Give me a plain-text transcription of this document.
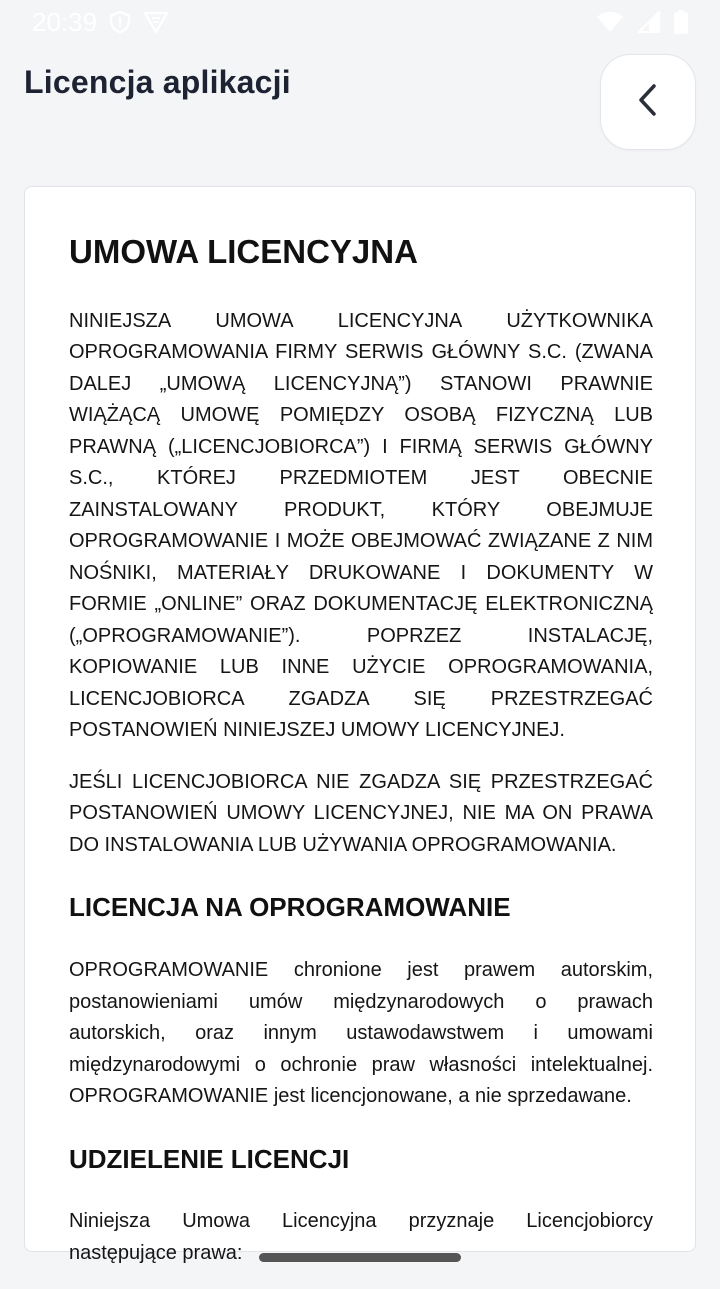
20:39
Licencja aplikacji
UMOWA LICENCYJNA

NINIEJSZA UMOWA LICENCYJNA UŻYTKOWNIKA OPROGRAMOWANIA FIRMY SERWIS GŁÓWNY S.C. (ZWANA DALEJ „UMOWĄ LICENCYJNĄ”) STANOWI PRAWNIE WIĄŻĄCĄ UMOWĘ POMIĘDZY OSOBĄ FIZYCZNĄ LUB PRAWNĄ („LICENCJOBIORCA”) I FIRMĄ SERWIS GŁÓWNY S.C., KTÓREJ PRZEDMIOTEM JEST OBECNIE ZAINSTALOWANY PRODUKT, KTÓRY OBEJMUJE OPROGRAMOWANIE I MOŻE OBEJMOWAĆ ZWIĄZANE Z NIM NOŚNIKI, MATERIAŁY DRUKOWANE I DOKUMENTY W FORMIE „ONLINE” ORAZ DOKUMENTACJĘ ELEKTRONICZNĄ („OPROGRAMOWANIE”). POPRZEZ INSTALACJĘ, KOPIOWANIE LUB INNE UŻYCIE OPROGRAMOWANIA, LICENCJOBIORCA ZGADZA SIĘ PRZESTRZEGAĆ POSTANOWIEŃ NINIEJSZEJ UMOWY LICENCYJNEJ.

JEŚLI LICENCJOBIORCA NIE ZGADZA SIĘ PRZESTRZEGAĆ POSTANOWIEŃ UMOWY LICENCYJNEJ, NIE MA ON PRAWA DO INSTALOWANIA LUB UŻYWANIA OPROGRAMOWANIA.

LICENCJA NA OPROGRAMOWANIE

OPROGRAMOWANIE chronione jest prawem autorskim, postanowieniami umów międzynarodowych o prawach autorskich, oraz innym ustawodawstwem i umowami międzynarodowymi o ochronie praw własności intelektualnej. OPROGRAMOWANIE jest licencjonowane, a nie sprzedawane.

UDZIELENIE LICENCJI

Niniejsza Umowa Licencyjna przyznaje Licencjobiorcy następujące prawa:
